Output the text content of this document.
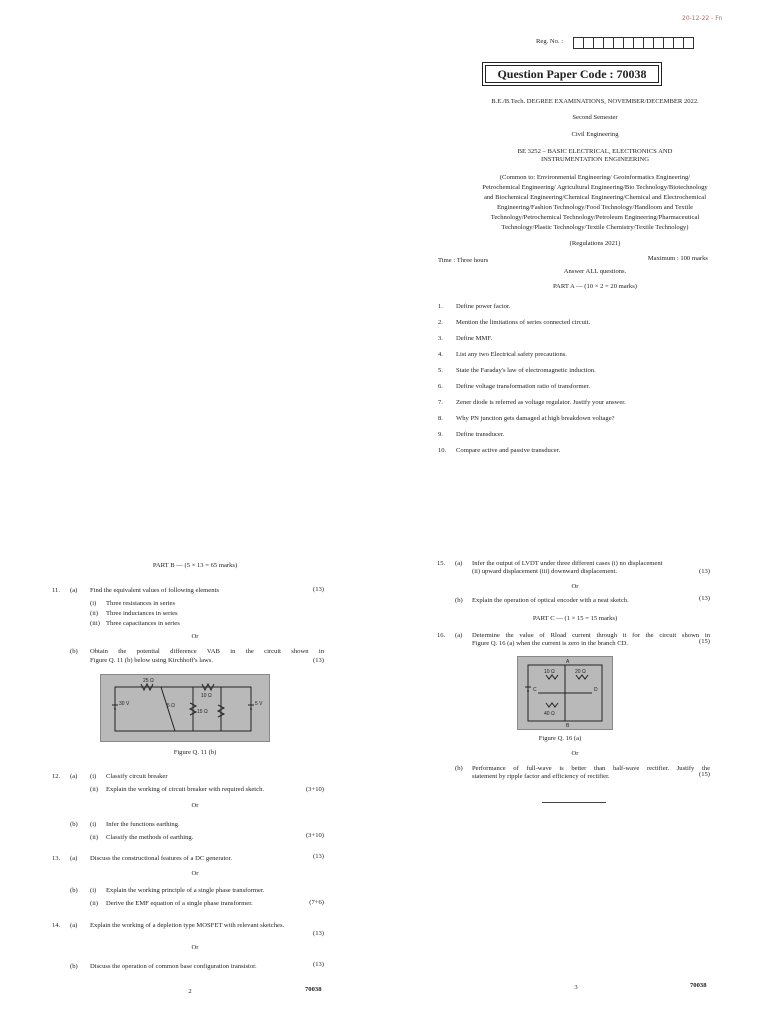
20-12-22 - Fn
Reg. No. :
Question Paper Code : 70038
B.E./B.Tech. DEGREE EXAMINATIONS, NOVEMBER/DECEMBER 2022.
Second Semester
Civil Engineering
BE 3252 – BASIC ELECTRICAL, ELECTRONICS AND
INSTRUMENTATION ENGINEERING
(Common to: Environmental Engineering/ Geoinformatics Engineering/
Petrochemical Engineering/ Agricultural Engineering/Bio Technology/Biotechnology
and Biochemical Engineering/Chemical Engineering/Chemical and Electrochemical
Engineering/Fashion Technology/Food Technology/Handloom and Textile
Technology/Petrochemical Technology/Petroleum Engineering/Pharmaceutical
Technology/Plastic Technology/Textile Chemistry/Textile Technology)
(Regulations 2021)
Time : Three hours	Maximum : 100 marks
Answer ALL questions.
PART A — (10 × 2 = 20 marks)
1. Define power factor.
2. Mention the limitations of series connected circuit.
3. Define MMF.
4. List any two Electrical safety precautions.
5. State the Faraday's law of electromagnetic induction.
6. Define voltage transformation ratio of transformer.
7. Zener diode is referred as voltage regulator. Justify your answer.
8. Why PN junction gets damaged at high breakdown voltage?
9. Define transducer.
10. Compare active and passive transducer.
PART B — (5 × 13 = 65 marks)
11. (a) Find the equivalent values of following elements	(13)
(i) Three resistances in series
(ii) Three inductances in series
(iii) Three capacitances in series
Or
(b) Obtain the potential difference VAB in the circuit shown in
Figure Q. 11 (b) below using Kirchhoff's laws.	(13)
25 Ω
30 V	5 Ω
10 Ω
15 Ω
5 V
Figure Q. 11 (b)
12. (a) (i) Classify circuit breaker
(ii) Explain the working of circuit breaker with required sketch.	(3+10)
Or
(b) (i) Infer the functions earthing.
(ii) Classify the methods of earthing.	(3+10)
13. (a) Discuss the constructional features of a DC generator.	(13)
Or
(b) (i) Explain the working principle of a single phase transformer.
(ii) Derive the EMF equation of a single phase transformer.	(7+6)
14. (a) Explain the working of a depletion type MOSFET with relevant sketches.
(13)
Or
(b) Discuss the operation of common base configuration transistor.	(13)
2	70038
15. (a) Infer the output of LVDT under three different cases (i) no displacement
(ii) upward displacement (iii) downward displacement.	(13)
Or
(b) Explain the operation of optical encoder with a neat sketch.	(13)
PART C — (1 × 15 = 15 marks)
16. (a) Determine the value of Rload current through it for the circuit shown in
Figure Q. 16 (a) when the current is zero in the branch CD.	(15)
10 Ω	20 Ω
40 Ω
A
B
C	D
Figure Q. 16 (a)
Or
(b) Performance of full-wave is better than half-wave rectifier. Justify the
statement by ripple factor and efficiency of rectifier.	(15)
3	70038
